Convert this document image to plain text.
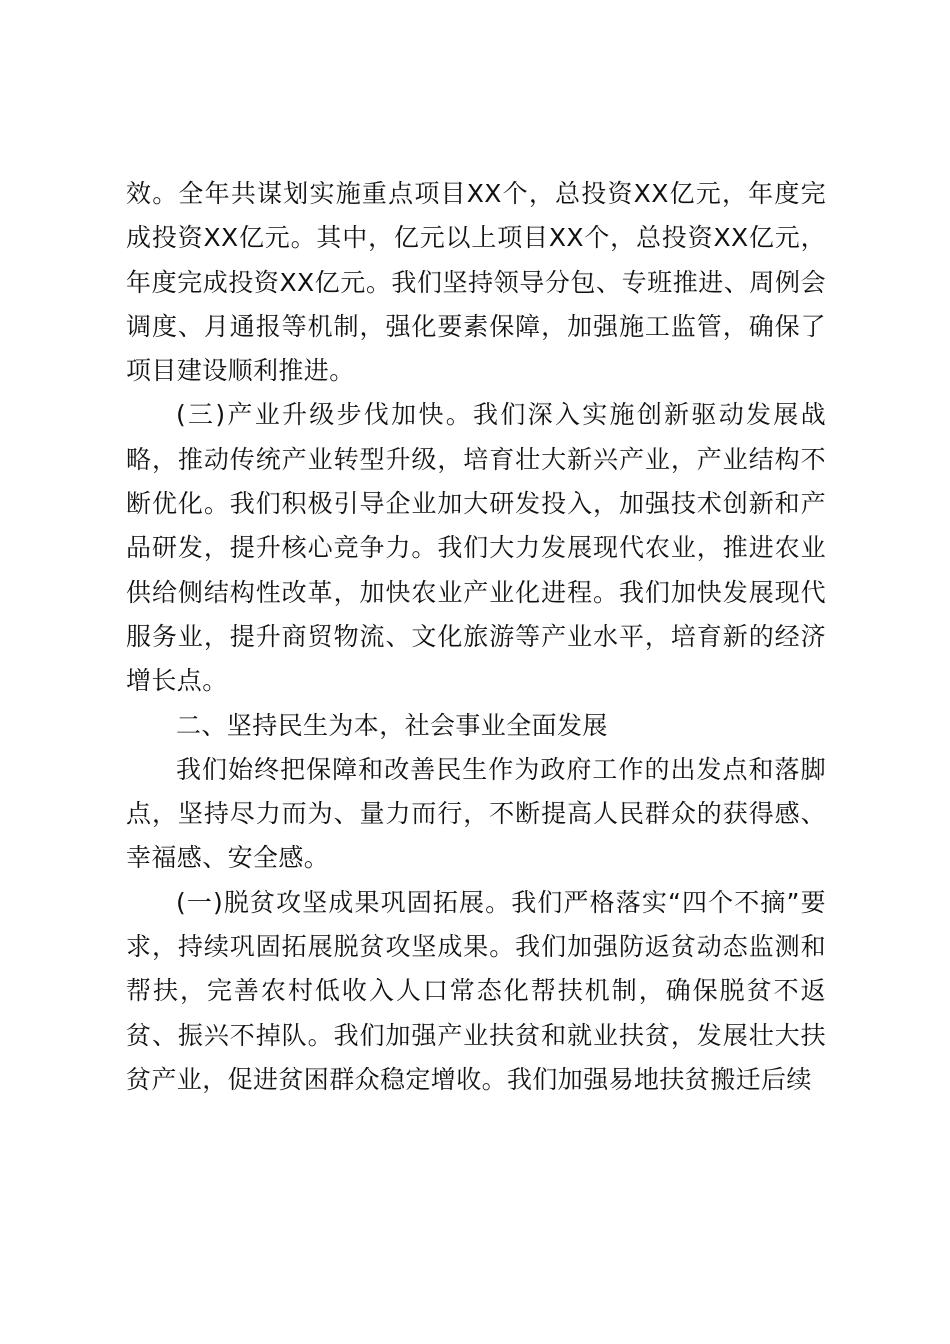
效。全年共谋划实施重点项目XX个，总投资XX亿元，年度完成投资XX亿元。其中，亿元以上项目XX个，总投资XX亿元，年度完成投资XX亿元。我们坚持领导分包、专班推进、周例会调度、月通报等机制，强化要素保障，加强施工监管，确保了项目建设顺利推进。

(三)产业升级步伐加快。我们深入实施创新驱动发展战略，推动传统产业转型升级，培育壮大新兴产业，产业结构不断优化。我们积极引导企业加大研发投入，加强技术创新和产品研发，提升核心竞争力。我们大力发展现代农业，推进农业供给侧结构性改革，加快农业产业化进程。我们加快发展现代服务业，提升商贸物流、文化旅游等产业水平，培育新的经济增长点。

二、坚持民生为本，社会事业全面发展

我们始终把保障和改善民生作为政府工作的出发点和落脚点，坚持尽力而为、量力而行，不断提高人民群众的获得感、幸福感、安全感。

(一)脱贫攻坚成果巩固拓展。我们严格落实“四个不摘”要求，持续巩固拓展脱贫攻坚成果。我们加强防返贫动态监测和帮扶，完善农村低收入人口常态化帮扶机制，确保脱贫不返贫、振兴不掉队。我们加强产业扶贫和就业扶贫，发展壮大扶贫产业，促进贫困群众稳定增收。我们加强易地扶贫搬迁后续
